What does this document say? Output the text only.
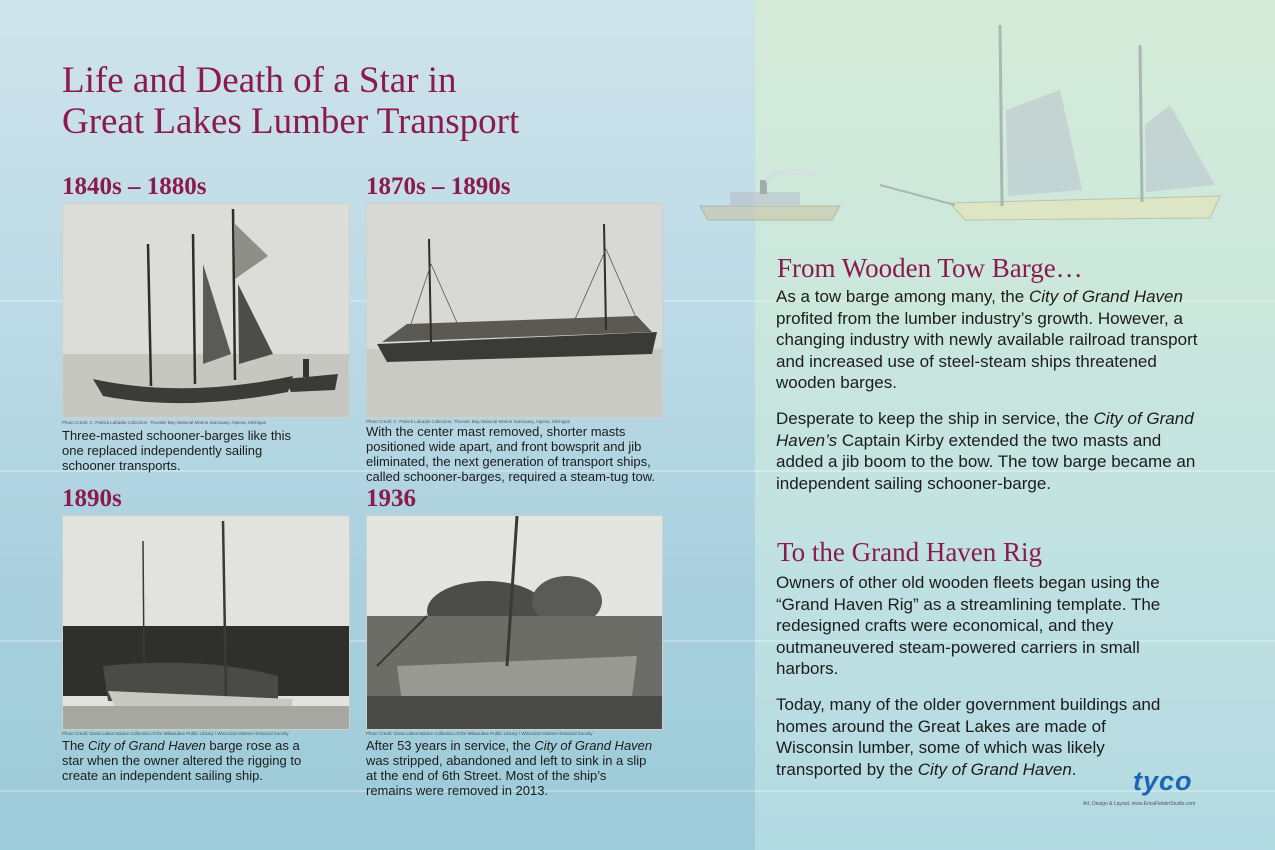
Life and Death of a Star in
Great Lakes Lumber Transport
1840s – 1880s
Photo Credit: C. Patrick Labadie Collection, Thunder Bay National Marine Sanctuary, Alpena, Michigan

Three-masted schooner-barges like this one replaced independently sailing schooner transports.

1870s – 1890s
Photo Credit: C. Patrick Labadie Collection, Thunder Bay National Marine Sanctuary, Alpena, Michigan

With the center mast removed, shorter masts positioned wide apart, and front bowsprit and jib eliminated, the next generation of transport ships, called schooner-barges, required a steam-tug tow.

1890s
Photo Credit: Great Lakes Marine Collection of the Milwaukee Public Library / Wisconsin Marine Historical Society

The City of Grand Haven barge rose as a star when the owner altered the rigging to create an independent sailing ship.

1936
Photo Credit: Great Lakes Marine Collection of the Milwaukee Public Library / Wisconsin Marine Historical Society

After 53 years in service, the City of Grand Haven was stripped, abandoned and left to sink in a slip at the end of 6th Street. Most of the ship’s remains were removed in 2013.

From Wooden Tow Barge…

As a tow barge among many, the City of Grand Haven profited from the lumber industry’s growth. However, a changing industry with newly available railroad transport and increased use of steel-steam ships threatened wooden barges.

Desperate to keep the ship in service, the City of Grand Haven’s Captain Kirby extended the two masts and added a jib boom to the bow. The tow barge became an independent sailing schooner-barge.

To the Grand Haven Rig

Owners of other old wooden fleets began using the “Grand Haven Rig” as a streamlining template. The redesigned crafts were economical, and they outmaneuvered steam-powered carriers in small harbors.

Today, many of the older government buildings and homes around the Great Lakes are made of Wisconsin lumber, some of which was likely transported by the City of Grand Haven.	tyco
Art, Design & Layout, www.EricaFielderStudio.com
